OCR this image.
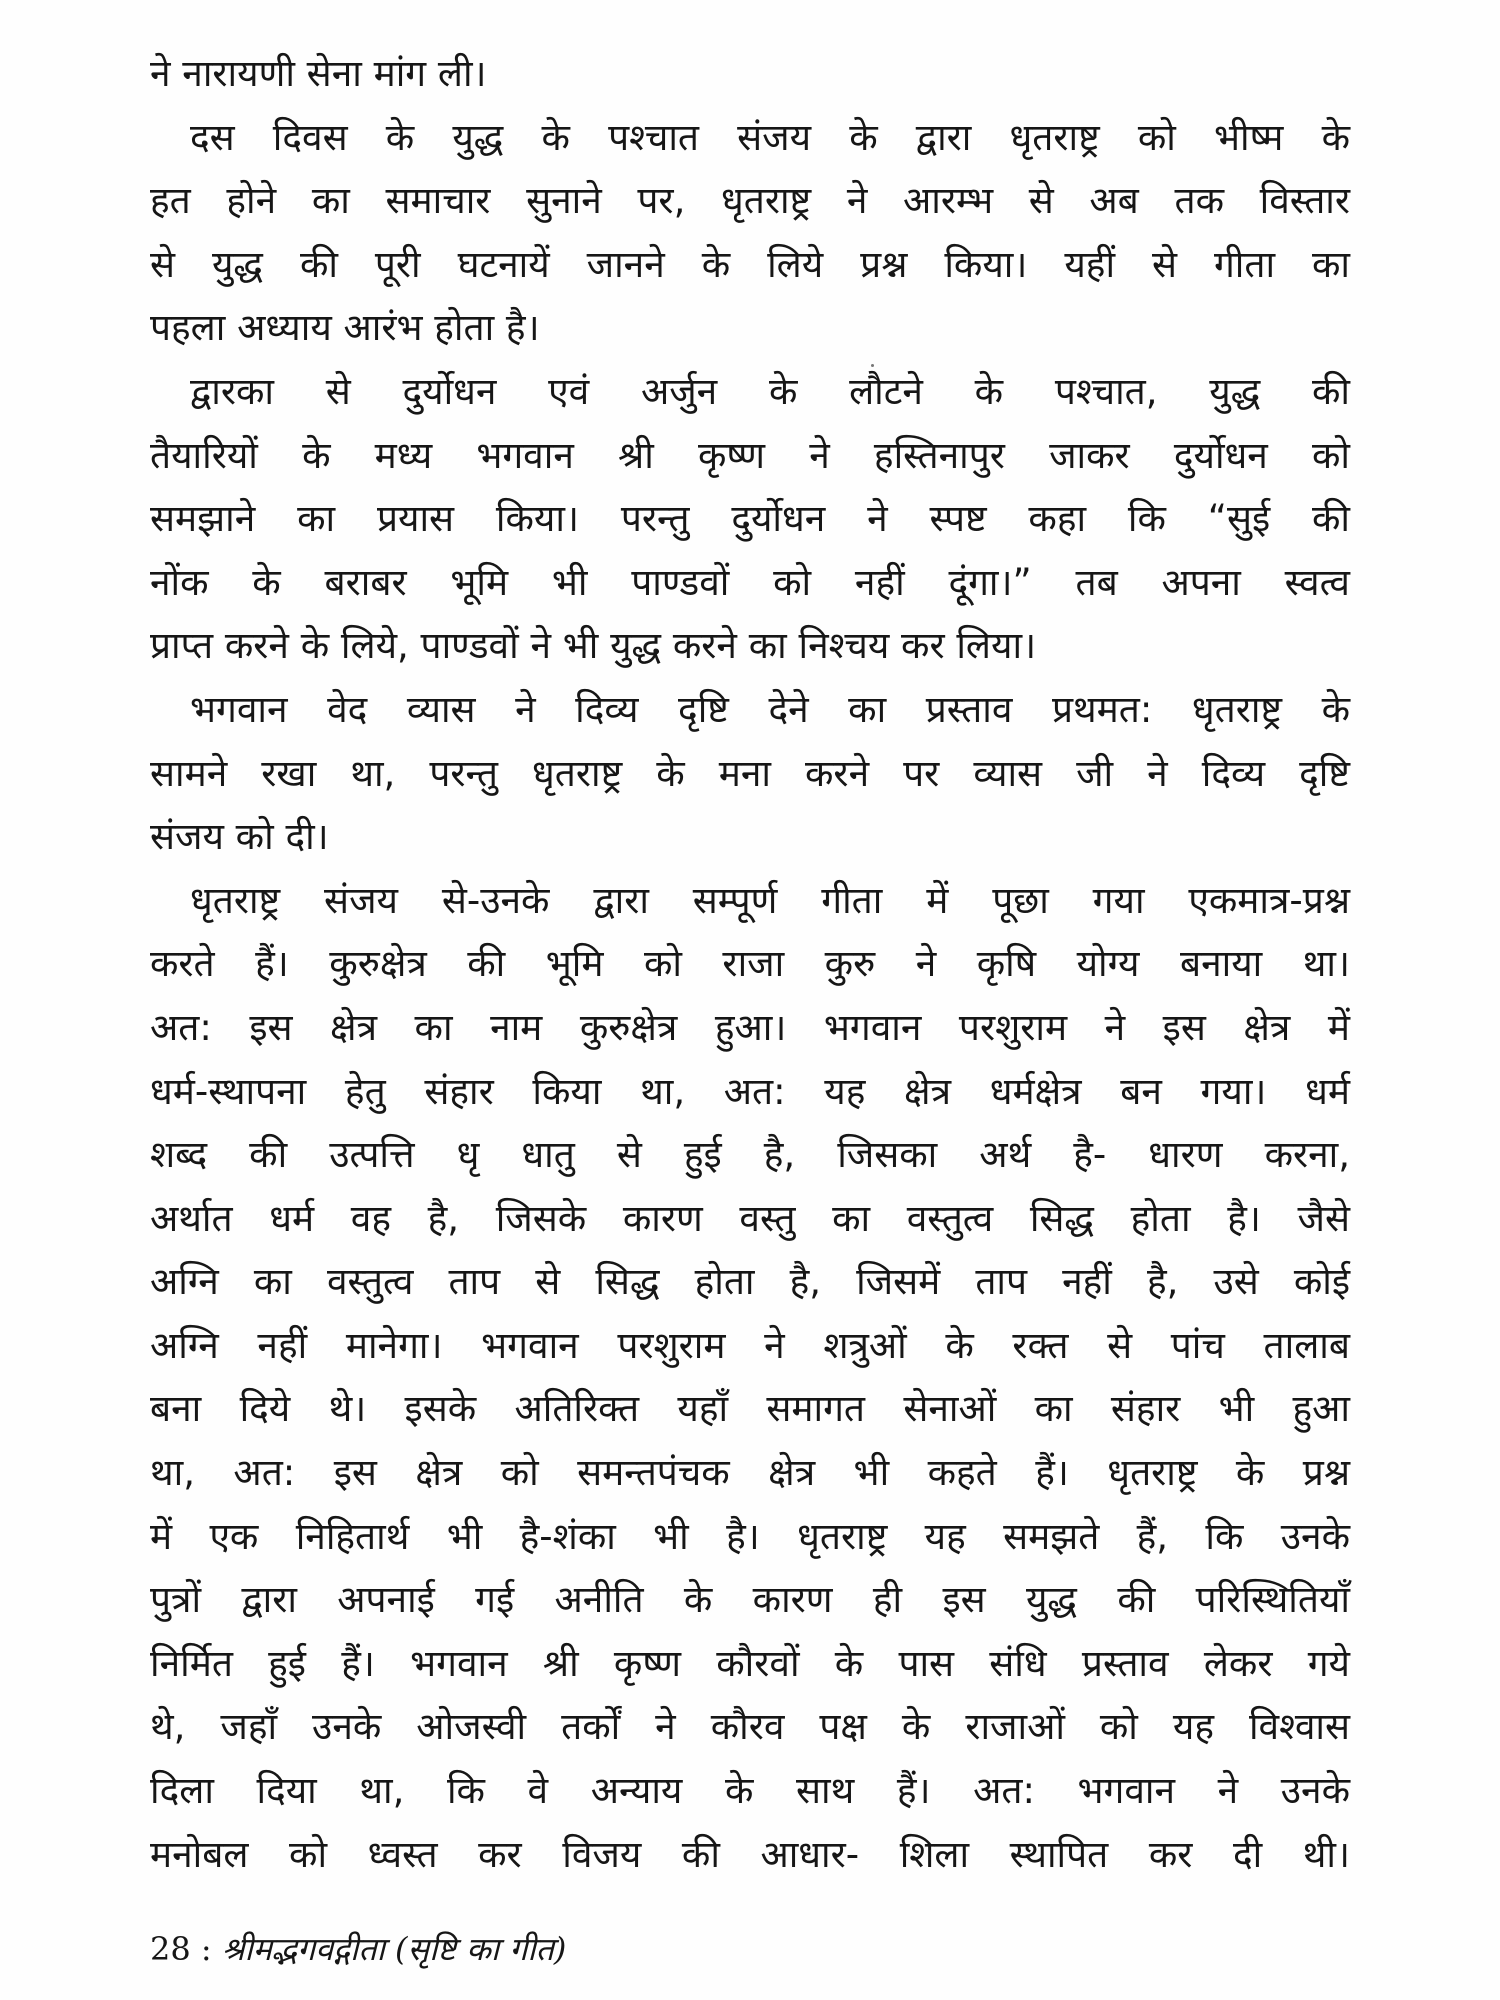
ने नारायणी सेना मांग ली।
दस दिवस के युद्ध के पश्चात संजय के द्वारा धृतराष्ट्र को भीष्म के
हत होने का समाचार सुनाने पर, धृतराष्ट्र ने आरम्भ से अब तक विस्तार
से युद्ध की पूरी घटनायें जानने के लिये प्रश्न किया। यहीं से गीता का
पहला अध्याय आरंभ होता है।
द्वारका से दुर्योधन एवं अर्जुन के लौटने के पश्चात, युद्ध की
तैयारियों के मध्य भगवान श्री कृष्ण ने हस्तिनापुर जाकर दुर्योधन को
समझाने का प्रयास किया। परन्तु दुर्योधन ने स्पष्ट कहा कि “सुई की
नोंक के बराबर भूमि भी पाण्डवों को नहीं दूंगा।” तब अपना स्वत्व
प्राप्त करने के लिये, पाण्डवों ने भी युद्ध करने का निश्चय कर लिया।
भगवान वेद व्यास ने दिव्य दृष्टि देने का प्रस्ताव प्रथमत: धृतराष्ट्र के
सामने रखा था, परन्तु धृतराष्ट्र के मना करने पर व्यास जी ने दिव्य दृष्टि
संजय को दी।
धृतराष्ट्र संजय से-उनके द्वारा सम्पूर्ण गीता में पूछा गया एकमात्र-प्रश्न
करते हैं। कुरुक्षेत्र की भूमि को राजा कुरु ने कृषि योग्य बनाया था।
अत: इस क्षेत्र का नाम कुरुक्षेत्र हुआ। भगवान परशुराम ने इस क्षेत्र में
धर्म-स्थापना हेतु संहार किया था, अत: यह क्षेत्र धर्मक्षेत्र बन गया। धर्म
शब्द की उत्पत्ति धृ धातु से हुई है, जिसका अर्थ है- धारण करना,
अर्थात धर्म वह है, जिसके कारण वस्तु का वस्तुत्व सिद्ध होता है। जैसे
अग्नि का वस्तुत्व ताप से सिद्ध होता है, जिसमें ताप नहीं है, उसे कोई
अग्नि नहीं मानेगा। भगवान परशुराम ने शत्रुओं के रक्त से पांच तालाब
बना दिये थे। इसके अतिरिक्त यहाँ समागत सेनाओं का संहार भी हुआ
था, अत: इस क्षेत्र को समन्तपंचक क्षेत्र भी कहते हैं। धृतराष्ट्र के प्रश्न
में एक निहितार्थ भी है-शंका भी है। धृतराष्ट्र यह समझते हैं, कि उनके
पुत्रों द्वारा अपनाई गई अनीति के कारण ही इस युद्ध की परिस्थितियाँ
निर्मित हुई हैं। भगवान श्री कृष्ण कौरवों के पास संधि प्रस्ताव लेकर गये
थे, जहाँ उनके ओजस्वी तर्कों ने कौरव पक्ष के राजाओं को यह विश्वास
दिला दिया था, कि वे अन्याय के साथ हैं। अत: भगवान ने उनके
मनोबल को ध्वस्त कर विजय की आधार- शिला स्थापित कर दी थी।
28 : श्रीमद्भगवद्गीता (सृष्टि का गीत)
